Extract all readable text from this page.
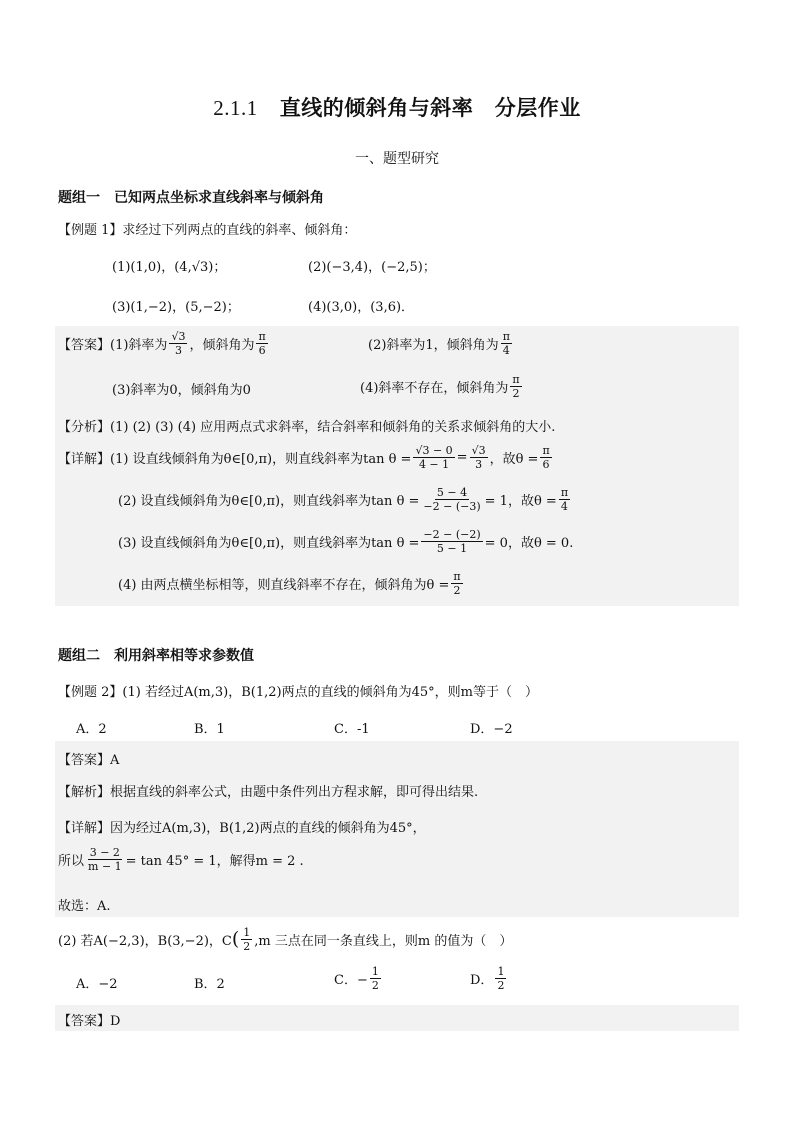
2.1.1 直线的倾斜角与斜率　分层作业
一、题型研究
题组一　已知两点坐标求直线斜率与倾斜角
【例题 1】求经过下列两点的直线的斜率、倾斜角：
(1)(1,0)，(4,√3)；	(2)(−3,4)，(−2,5)；
(3)(1,−2)，(5,−2)；	(4)(3,0)，(3,6)．
【答案】 (1)斜率为 $\frac{√3}{3}$ ，倾斜角为 $\frac{\pi}{6}$	(2)斜率为1，倾斜角为 $\frac{\pi}{4}$
(3)斜率为0，倾斜角为0	(4)斜率不存在，倾斜角为 $\frac{\pi}{2}$
【分析】(1) (2) (3) (4) 应用两点式求斜率，结合斜率和倾斜角的关系求倾斜角的大小.
【详解】 (1) 设直线倾斜角为θ∈[0,π)，则直线斜率为$\tan \theta = \frac{√3 - 0}{4 - 1} = \frac{√3}{3}$ ，故$\theta = \frac{\pi}{6}$
(2) 设直线倾斜角为θ∈[0,π)，则直线斜率为$\tan \theta = \frac{5 - 4}{-2 - (-3)} = 1$，故$\theta = \frac{\pi}{4}$
(3) 设直线倾斜角为θ∈[0,π)，则直线斜率为$\tan \theta = \frac{-2 - (-2)}{5 - 1} = 0$，故θ = 0.
(4) 由两点横坐标相等，则直线斜率不存在，倾斜角为$\theta = \frac{\pi}{2}$
题组二　利用斜率相等求参数值
【例题 2】(1) 若经过A(m,3)，B(1,2)两点的直线的倾斜角为45°，则m等于（　）
A．2	B．1	C．-1	D．−2
【答案】A
【解析】根据直线的斜率公式，由题中条件列出方程求解，即可得出结果.
【详解】因为经过A(m,3)，B(1,2)两点的直线的倾斜角为45°，
所以 $\frac{3 - 2}{m - 1} = \tan 45^\circ = 1$，解得m = 2 .
故选：A.
(2) 若A(−2,3)，B(3,−2)，C ( $\frac{1}{2} ,m$ 三点在同一条直线上，则m 的值为（　）
A．−2	B．2	C．− $\frac{1}{2}$	D． $\frac{1}{2}$
【答案】D
